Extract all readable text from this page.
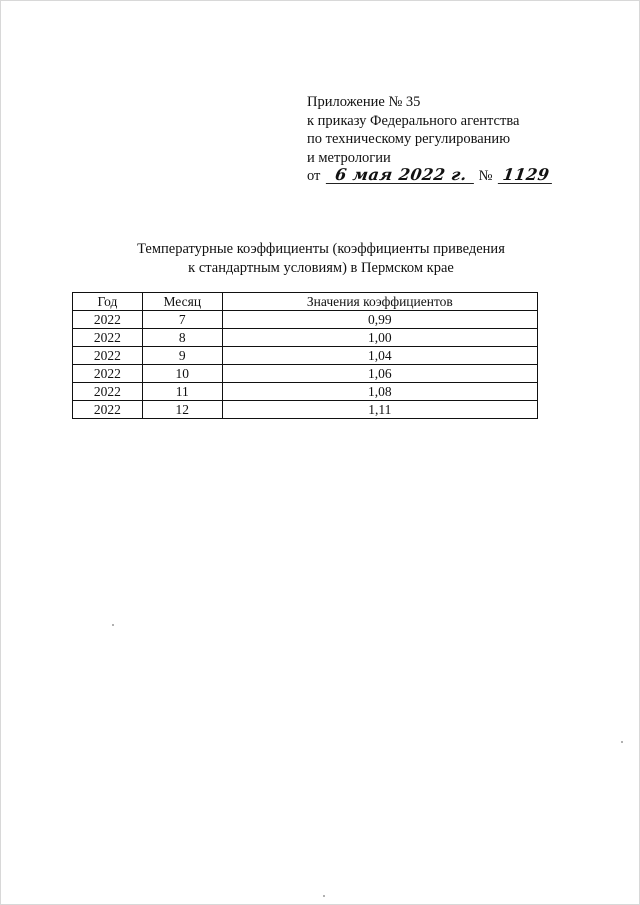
Приложение № 35
к приказу Федерального агентства
по техническому регулированию
и метрологии
от 6 мая 2022 г. № 1129
Температурные коэффициенты (коэффициенты приведения
к стандартным условиям) в Пермском крае
Год	Месяц	Значения коэффициентов
2022	7	0,99
2022	8	1,00
2022	9	1,04
2022	10	1,06
2022	11	1,08
2022	12	1,11
